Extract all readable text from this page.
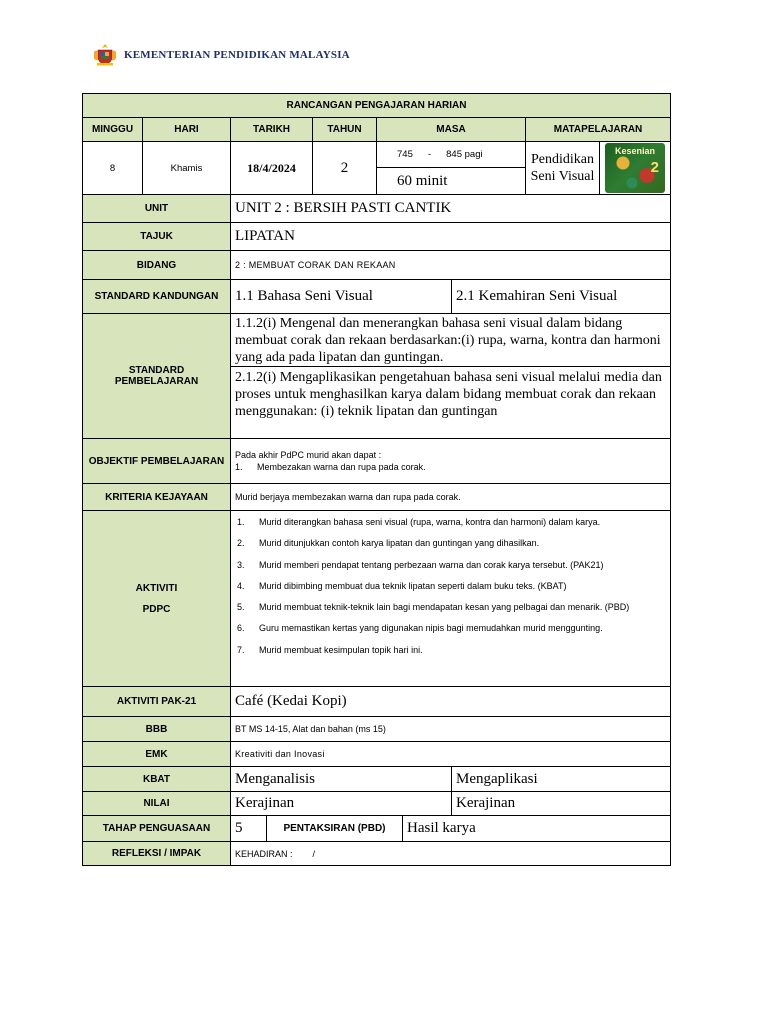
KEMENTERIAN PENDIDIKAN MALAYSIA
RANCANGAN PENGAJARAN HARIAN
MINGGU	HARI	TARIKH	TAHUN	MASA	MATAPELAJARAN
8	Khamis	18/4/2024	2	745 - 845 pagi	Pendidikan Seni Visual	
Kesenian
2

60 minit
UNIT	UNIT 2 : BERSIH PASTI CANTIK
TAJUK	LIPATAN
BIDANG	2 : MEMBUAT CORAK DAN REKAAN
STANDARD KANDUNGAN	1.1 Bahasa Seni Visual	2.1 Kemahiran Seni Visual
STANDARD PEMBELAJARAN	1.1.2(i) Mengenal dan menerangkan bahasa seni visual dalam bidang membuat corak dan rekaan berdasarkan:(i) rupa, warna, kontra dan harmoni yang ada pada lipatan dan guntingan.
2.1.2(i) Mengaplikasikan pengetahuan bahasa seni visual melalui media dan proses untuk menghasilkan karya dalam bidang membuat corak dan rekaan menggunakan: (i) teknik lipatan dan guntingan
OBJEKTIF PEMBELAJARAN	
Pada akhir PdPC murid akan dapat :
1.	Membezakan warna dan rupa pada corak.

KRITERIA KEJAYAAN	Murid berjaya membezakan warna dan rupa pada corak.

AKTIVITI
PDPC

1.	Murid diterangkan bahasa seni visual (rupa, warna, kontra dan harmoni) dalam karya.
2.	Murid ditunjukkan contoh karya lipatan dan guntingan yang dihasilkan.
3.	Murid memberi pendapat tentang perbezaan warna dan corak karya tersebut. (PAK21)
4.	Murid dibimbing membuat dua teknik lipatan seperti dalam buku teks. (KBAT)
5.	Murid membuat teknik-teknik lain bagi mendapatan kesan yang pelbagai dan menarik. (PBD)
6.	Guru memastikan kertas yang digunakan nipis bagi memudahkan murid menggunting.
7.	Murid membuat kesimpulan topik hari ini.

AKTIVITI PAK-21	Café (Kedai Kopi)
BBB	BT MS 14-15, Alat dan bahan (ms 15)
EMK	Kreativiti dan Inovasi
KBAT	Menganalisis	Mengaplikasi
NILAI	Kerajinan	Kerajinan
TAHAP PENGUASAAN	5	PENTAKSIRAN (PBD)	Hasil karya

REFLEKSI / IMPAK	KEHADIRAN :        /
